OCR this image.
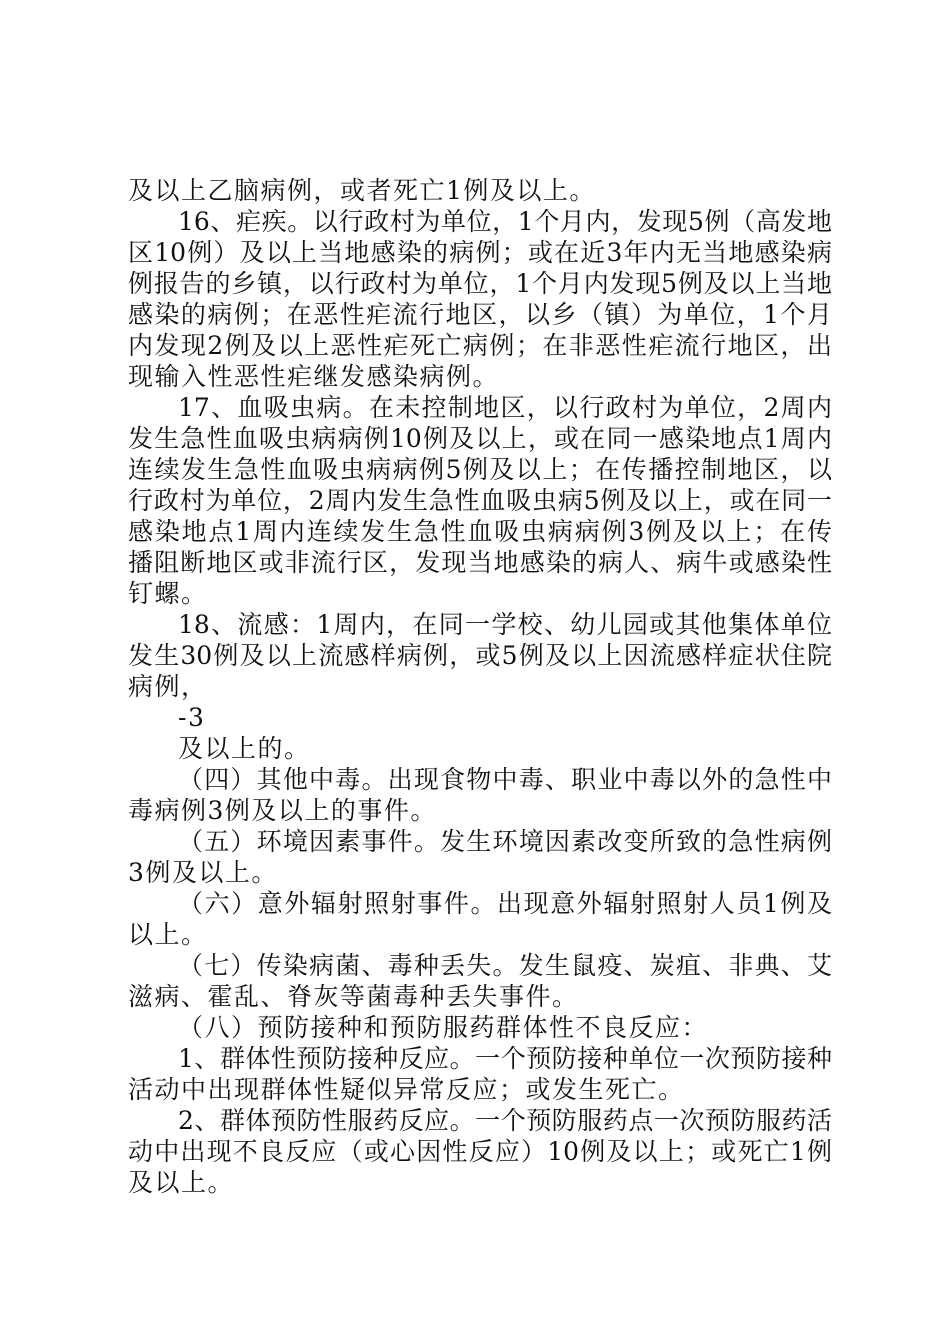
及以上乙脑病例，或者死亡1例及以上。
16、疟疾。以行政村为单位，1个月内，发现5例（高发地
区10例）及以上当地感染的病例；或在近3年内无当地感染病
例报告的乡镇，以行政村为单位，1个月内发现5例及以上当地
感染的病例；在恶性疟流行地区，以乡（镇）为单位，1个月
内发现2例及以上恶性疟死亡病例；在非恶性疟流行地区，出
现输入性恶性疟继发感染病例。
17、血吸虫病。在未控制地区，以行政村为单位，2周内
发生急性血吸虫病病例10例及以上，或在同一感染地点1周内
连续发生急性血吸虫病病例5例及以上；在传播控制地区，以
行政村为单位，2周内发生急性血吸虫病5例及以上，或在同一
感染地点1周内连续发生急性血吸虫病病例3例及以上；在传
播阻断地区或非流行区，发现当地感染的病人、病牛或感染性
钉螺。
18、流感：1周内，在同一学校、幼儿园或其他集体单位
发生30例及以上流感样病例，或5例及以上因流感样症状住院
病例，
-3
及以上的。
（四）其他中毒。出现食物中毒、职业中毒以外的急性中
毒病例3例及以上的事件。
（五）环境因素事件。发生环境因素改变所致的急性病例
3例及以上。
（六）意外辐射照射事件。出现意外辐射照射人员1例及
以上。
（七）传染病菌、毒种丢失。发生鼠疫、炭疽、非典、艾
滋病、霍乱、脊灰等菌毒种丢失事件。
（八）预防接种和预防服药群体性不良反应：
1、群体性预防接种反应。一个预防接种单位一次预防接种
活动中出现群体性疑似异常反应；或发生死亡。
2、群体预防性服药反应。一个预防服药点一次预防服药活
动中出现不良反应（或心因性反应）10例及以上；或死亡1例
及以上。
